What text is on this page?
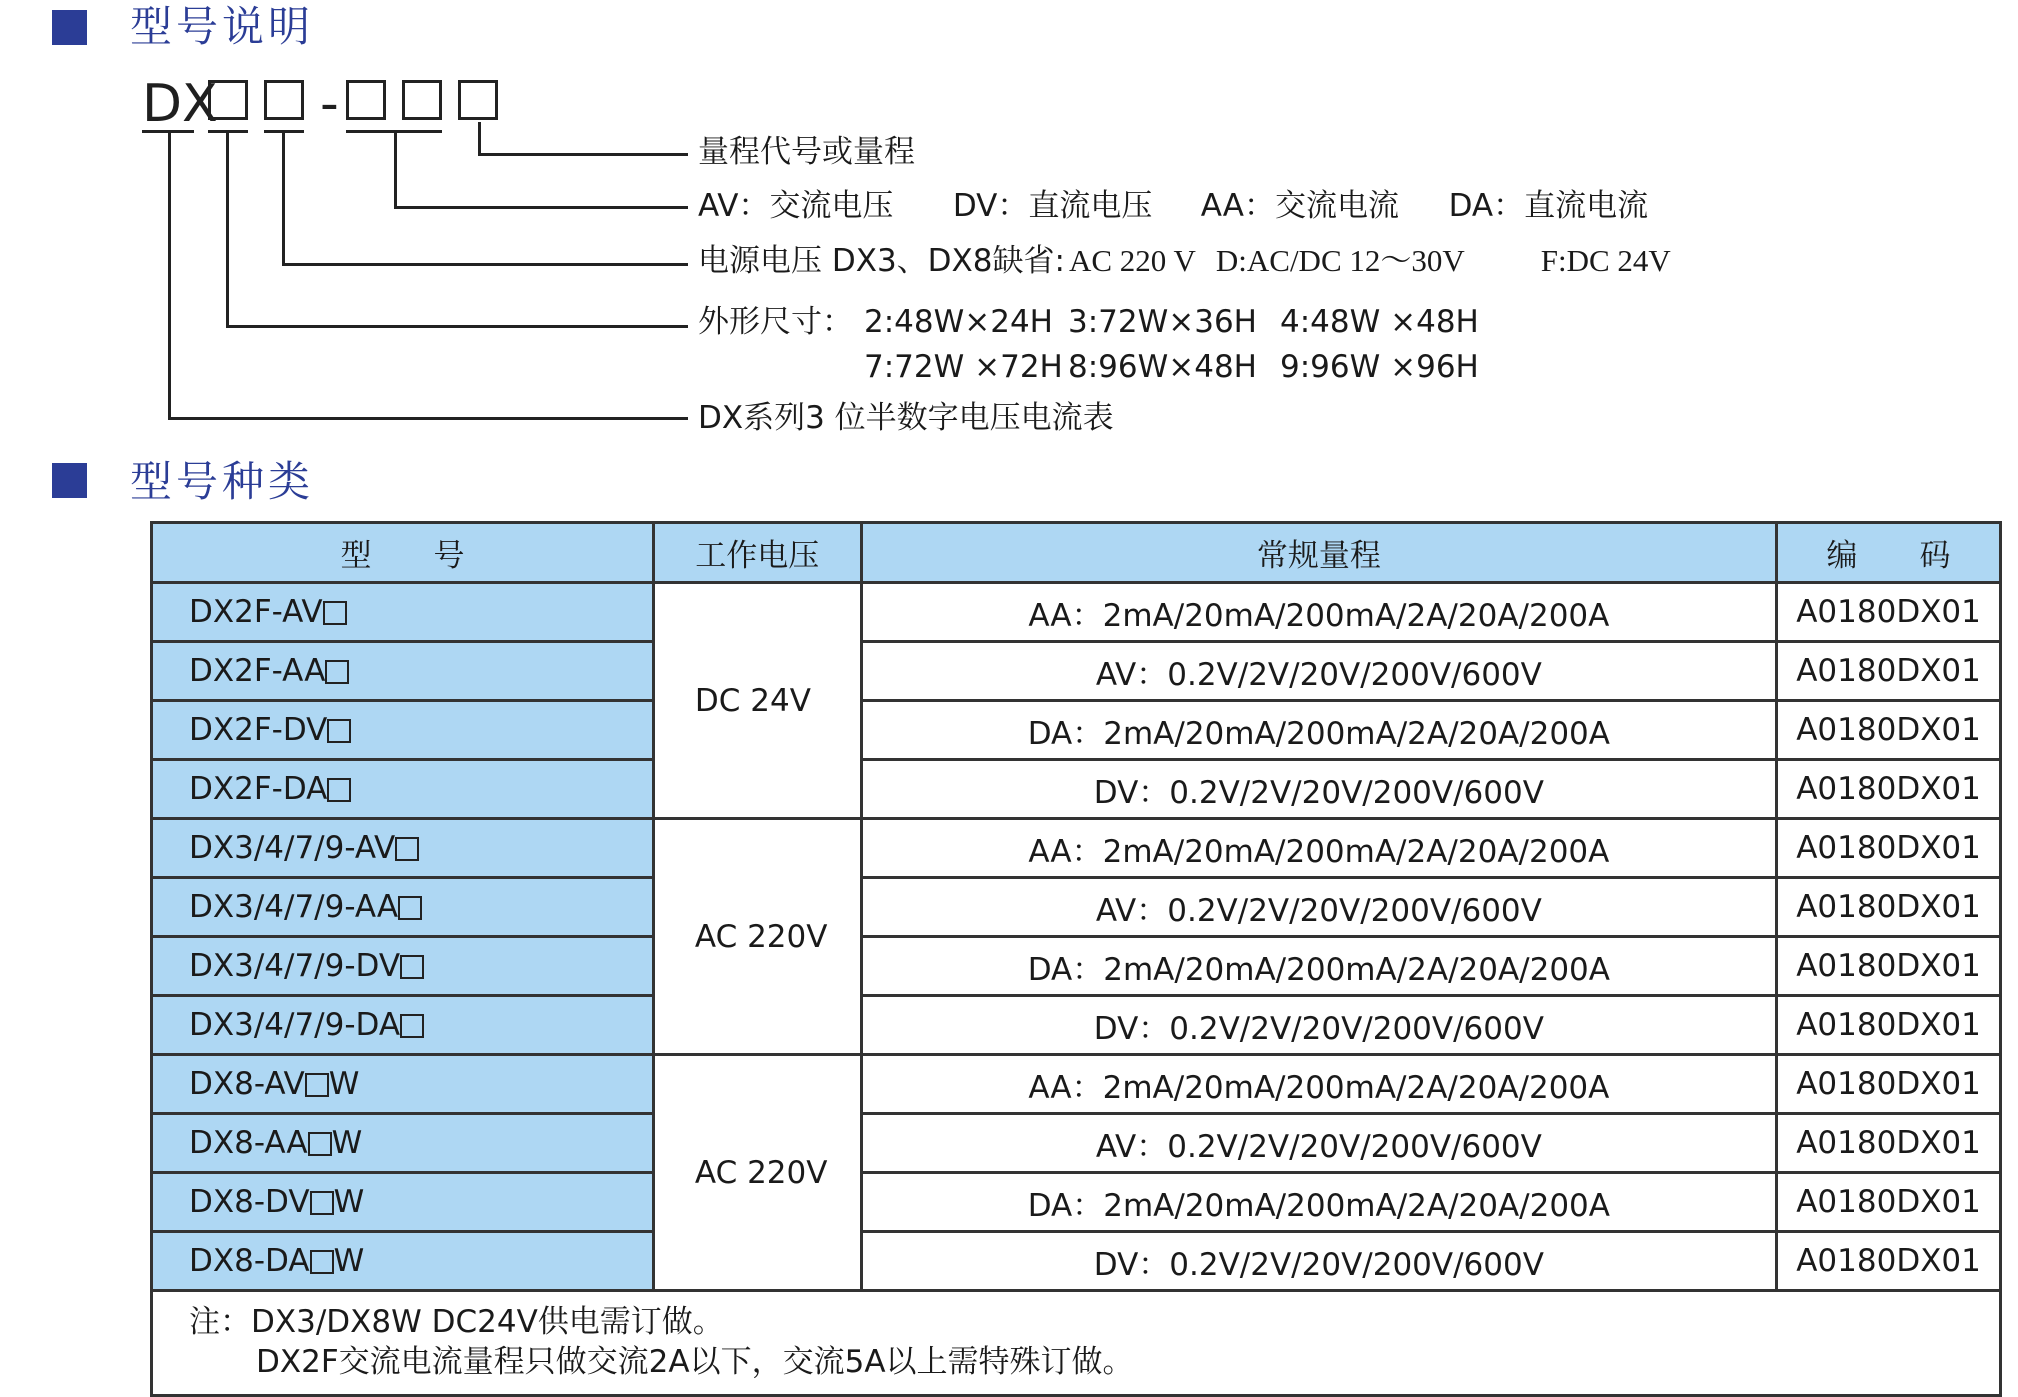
型号说明
DX -
量程代号或量程
AV：交流电压 DV：直流电压 AA：交流电流 DA：直流电流
电源电压 DX3、DX8缺省: AC 220 V D:AC/DC 12～30V F:DC 24V
外形尺寸： 2:48W×24H 3:72W×36H 4:48W ×48H
7:72W ×72H 8:96W×48H 9:96W ×96H
DX系列3 位半数字电压电流表
型号种类
型　　号	工作电压	常规量程	编　　码
DX2F-AV	DC 24V	AA：2mA/20mA/200mA/2A/20A/200A	A0180DX01
DX2F-AA		AV：0.2V/2V/20V/200V/600V	A0180DX01
DX2F-DV		DA：2mA/20mA/200mA/2A/20A/200A	A0180DX01
DX2F-DA		DV：0.2V/2V/20V/200V/600V	A0180DX01
DX3/4/7/9-AV	AC 220V	AA：2mA/20mA/200mA/2A/20A/200A	A0180DX01
DX3/4/7/9-AA		AV：0.2V/2V/20V/200V/600V	A0180DX01
DX3/4/7/9-DV		DA：2mA/20mA/200mA/2A/20A/200A	A0180DX01
DX3/4/7/9-DA		DV：0.2V/2V/20V/200V/600V	A0180DX01
DX8-AV W	AC 220V	AA：2mA/20mA/200mA/2A/20A/200A	A0180DX01
DX8-AA W		AV：0.2V/2V/20V/200V/600V	A0180DX01
DX8-DV W		DA：2mA/20mA/200mA/2A/20A/200A	A0180DX01
DX8-DA W		DV：0.2V/2V/20V/200V/600V	A0180DX01

注：DX3/DX8W DC24V供电需订做。
DX2F交流电流量程只做交流2A以下，交流5A以上需特殊订做。			
